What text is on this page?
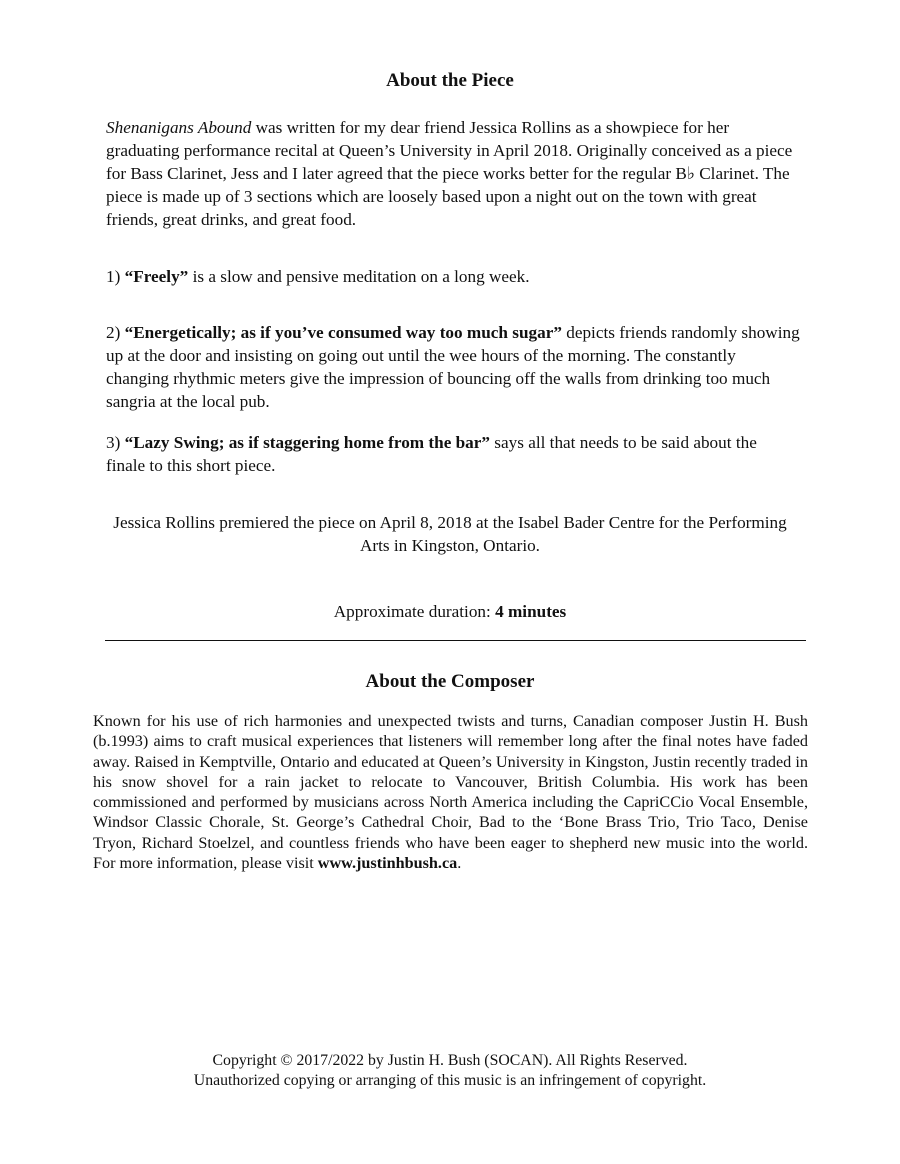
About the Piece

Shenanigans Abound was written for my dear friend Jessica Rollins as a showpiece for her graduating performance recital at Queen’s University in April 2018. Originally conceived as a piece for Bass Clarinet, Jess and I later agreed that the piece works better for the regular B♭ Clarinet. The piece is made up of 3 sections which are loosely based upon a night out on the town with great friends, great drinks, and great food.

1) “Freely” is a slow and pensive meditation on a long week.

2) “Energetically; as if you’ve consumed way too much sugar” depicts friends randomly showing up at the door and insisting on going out until the wee hours of the morning. The constantly changing rhythmic meters give the impression of bouncing off the walls from drinking too much sangria at the local pub.

3) “Lazy Swing; as if staggering home from the bar” says all that needs to be said about the finale to this short piece.

Jessica Rollins premiered the piece on April 8, 2018 at the Isabel Bader Centre for the Performing Arts in Kingston, Ontario.

Approximate duration: 4 minutes

About the Composer

Known for his use of rich harmonies and unexpected twists and turns, Canadian composer Justin H. Bush (b.1993) aims to craft musical experiences that listeners will remember long after the final notes have faded away. Raised in Kemptville, Ontario and educated at Queen’s University in Kingston, Justin recently traded in his snow shovel for a rain jacket to relocate to Vancouver, British Columbia. His work has been commissioned and performed by musicians across North America including the CapriCCio Vocal Ensemble, Windsor Classic Chorale, St. George’s Cathedral Choir, Bad to the ‘Bone Brass Trio, Trio Taco, Denise Tryon, Richard Stoelzel, and countless friends who have been eager to shepherd new music into the world. For more information, please visit www.justinhbush.ca.

Copyright © 2017/2022 by Justin H. Bush (SOCAN). All Rights Reserved.
Unauthorized copying or arranging of this music is an infringement of copyright.
